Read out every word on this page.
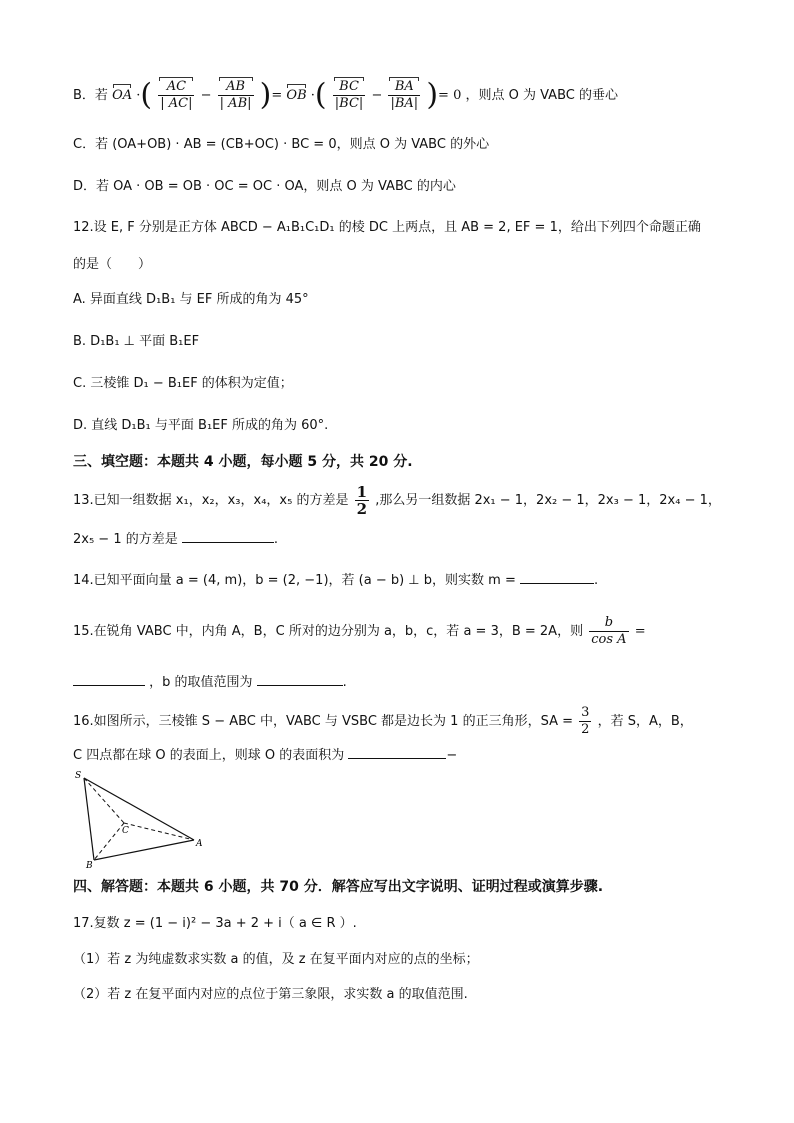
B．若 OA ·( $\frac{AC}{| AC|} - \frac{AB}{| AB|}$ )= OB ·( $\frac{BC}{|BC|} - \frac{BA}{|BA|}$ )= 0 ，则点 O 为 VABC 的垂心
C．若 (OA+OB) · AB = (CB+OC) · BC = 0，则点 O 为 VABC 的外心
D．若 OA · OB = OB · OC = OC · OA，则点 O 为 VABC 的内心
12.设 E, F 分别是正方体 ABCD − A₁B₁C₁D₁ 的棱 DC 上两点，且 AB = 2, EF = 1，给出下列四个命题正确
的是（　　）
A. 异面直线 D₁B₁ 与 EF 所成的角为 45°
B. D₁B₁ ⊥ 平面 B₁EF
C. 三棱锥 D₁ − B₁EF 的体积为定值；
D. 直线 D₁B₁ 与平面 B₁EF 所成的角为 60°.
三、填空题：本题共 4 小题，每小题 5 分，共 20 分.
13.已知一组数据 x₁，x₂，x₃，x₄，x₅ 的方差是 $\frac{1}{2}$ ,那么另一组数据 2x₁ − 1，2x₂ − 1，2x₃ − 1，2x₄ − 1，
2x₅ − 1 的方差是	.
14.已知平面向量 a = (4, m)，b = (2, −1)，若 (a − b) ⊥ b，则实数 m =	.
15.在锐角 VABC 中，内角 A，B，C 所对的边分别为 a，b，c，若 a = 3，B = 2A，则 $\frac{b}{\text{cos A}}$ =
，b 的取值范围为	.
16.如图所示，三棱锥 S − ABC 中，VABC 与 VSBC 都是边长为 1 的正三角形，SA = $\frac{3}{2}$ ，若 S，A，B，
C 四点都在球 O 的表面上，则球 O 的表面积为	−
S
C
A
B
四、解答题：本题共 6 小题，共 70 分．解答应写出文字说明、证明过程或演算步骤.
17.复数 z = (1 − i)² − 3a + 2 + i（ a ∈ R ）.
（1）若 z 为纯虚数求实数 a 的值，及 z 在复平面内对应的点的坐标；
（2）若 z 在复平面内对应的点位于第三象限，求实数 a 的取值范围.
